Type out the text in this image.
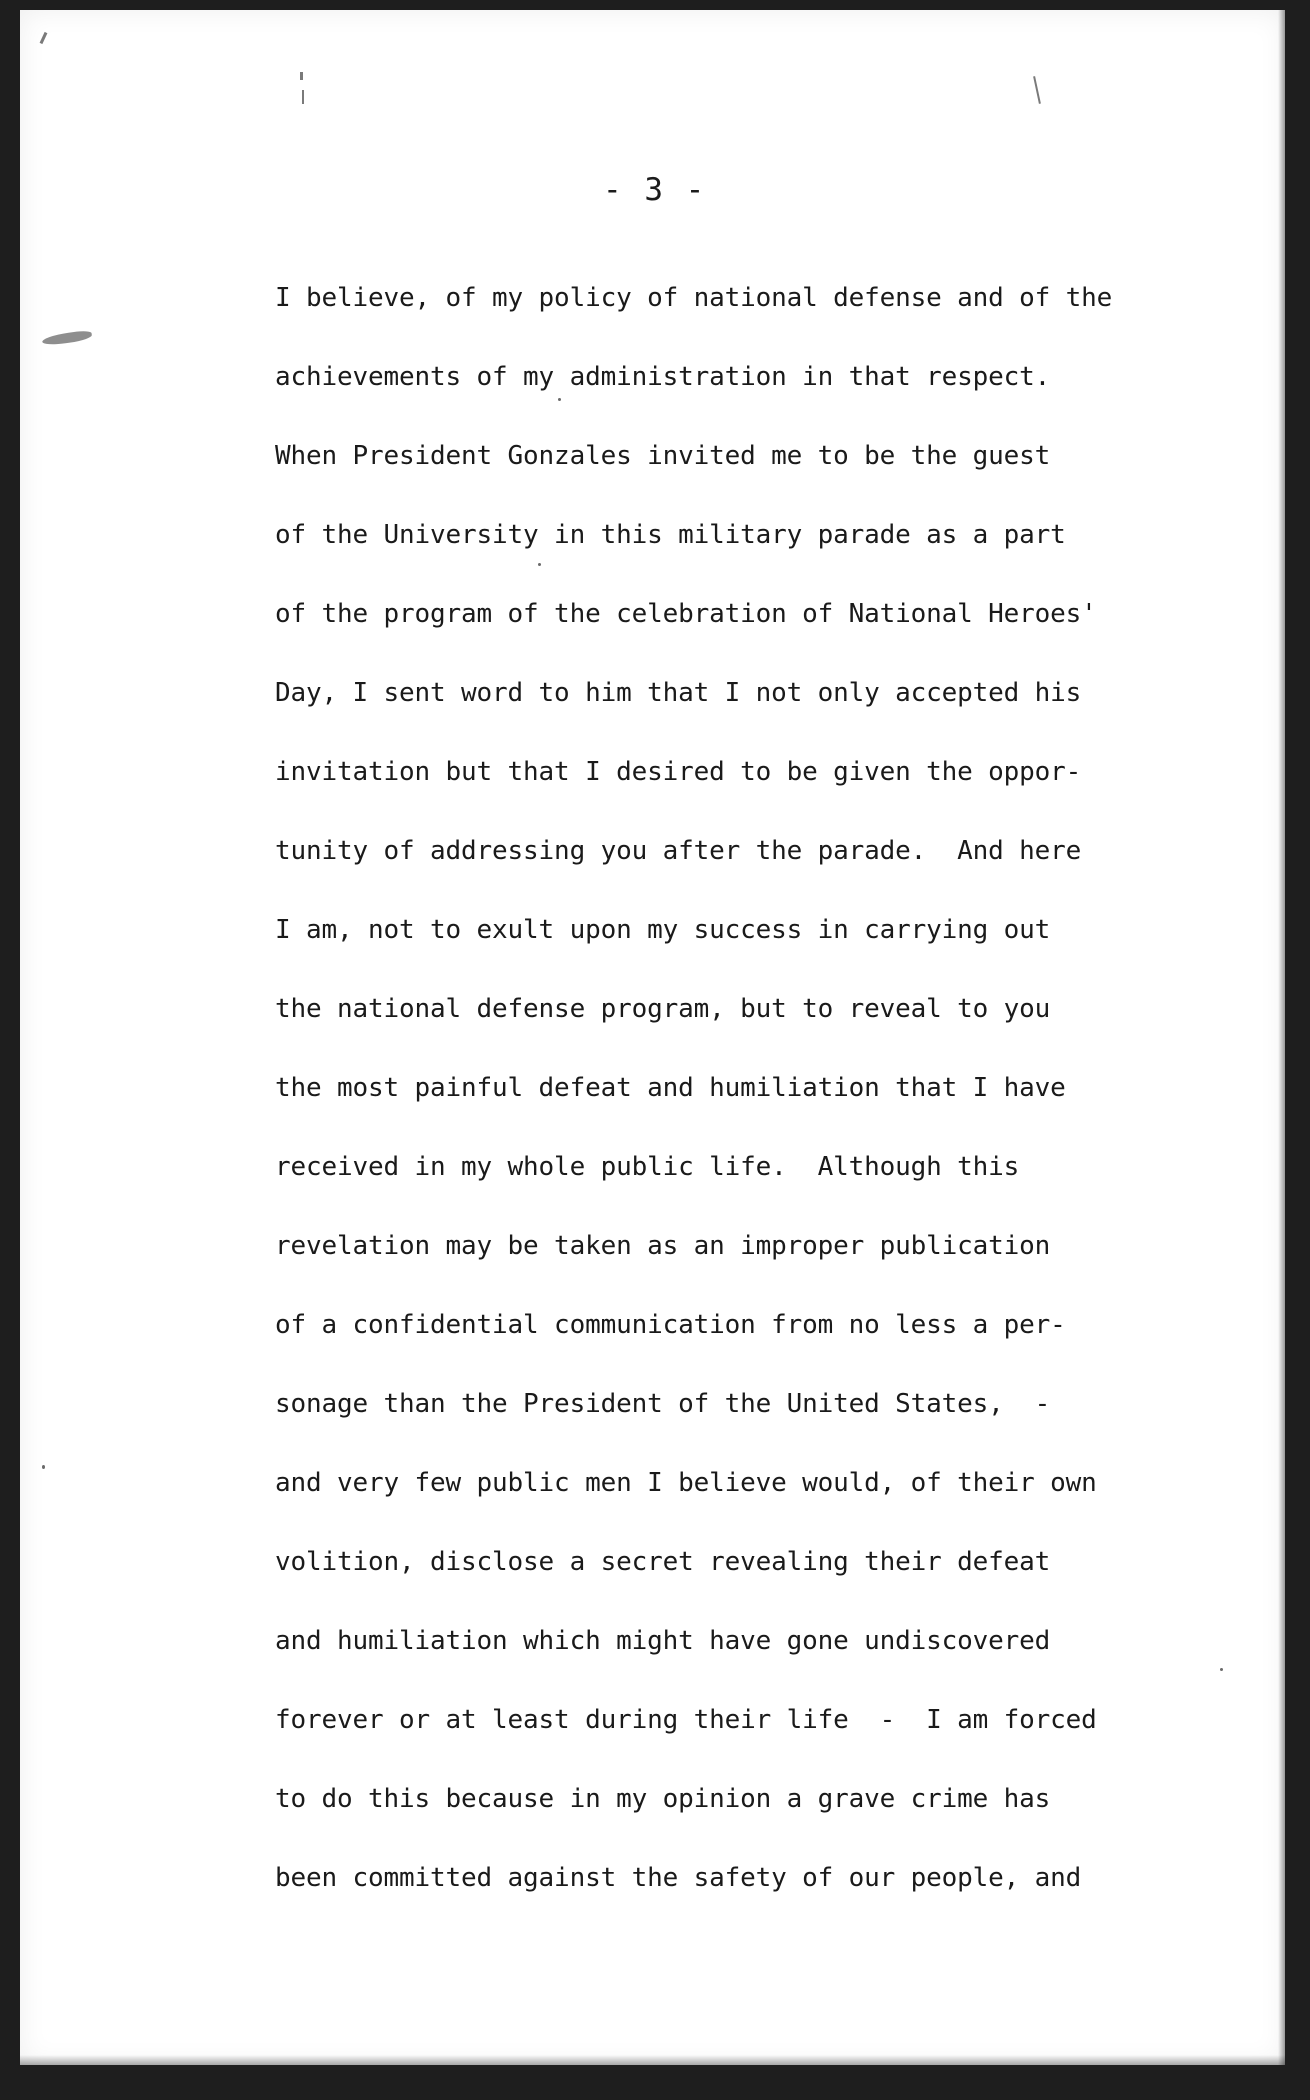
- 3 -
I believe, of my policy of national defense and of the
achievements of my administration in that respect.
When President Gonzales invited me to be the guest
of the University in this military parade as a part
of the program of the celebration of National Heroes'
Day, I sent word to him that I not only accepted his
invitation but that I desired to be given the oppor-
tunity of addressing you after the parade.  And here
I am, not to exult upon my success in carrying out
the national defense program, but to reveal to you
the most painful defeat and humiliation that I have
received in my whole public life.  Although this
revelation may be taken as an improper publication
of a confidential communication from no less a per-
sonage than the President of the United States,  -
and very few public men I believe would, of their own
volition, disclose a secret revealing their defeat
and humiliation which might have gone undiscovered
forever or at least during their life  -  I am forced
to do this because in my opinion a grave crime has
been committed against the safety of our people, and
